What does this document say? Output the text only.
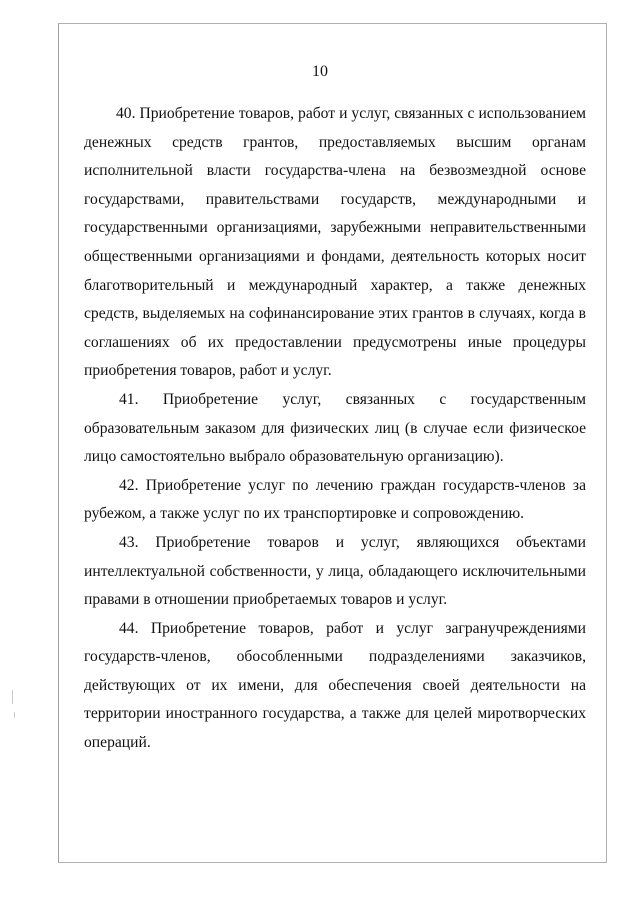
10

40. Приобретение товаров, работ и услуг, связанных с использованием денежных средств грантов, предоставляемых высшим органам исполнительной власти государства-члена на безвозмездной основе государствами, правительствами государств, международными и государственными организациями, зарубежными неправительственными общественными организациями и фондами, деятельность которых носит благотворительный и международный характер, а также денежных средств, выделяемых на софинансирование этих грантов в случаях, когда в соглашениях об их предоставлении предусмотрены иные процедуры приобретения товаров, работ и услуг.

41. Приобретение услуг, связанных с государственным образовательным заказом для физических лиц (в случае если физическое лицо самостоятельно выбрало образовательную организацию).

42. Приобретение услуг по лечению граждан государств-членов за рубежом, а также услуг по их транспортировке и сопровождению.

43. Приобретение товаров и услуг, являющихся объектами интеллектуальной собственности, у лица, обладающего исключительными правами в отношении приобретаемых товаров и услуг.

44. Приобретение товаров, работ и услуг загранучреждениями государств-членов, обособленными подразделениями заказчиков, действующих от их имени, для обеспечения своей деятельности на территории иностранного государства, а также для целей миротворческих операций.
